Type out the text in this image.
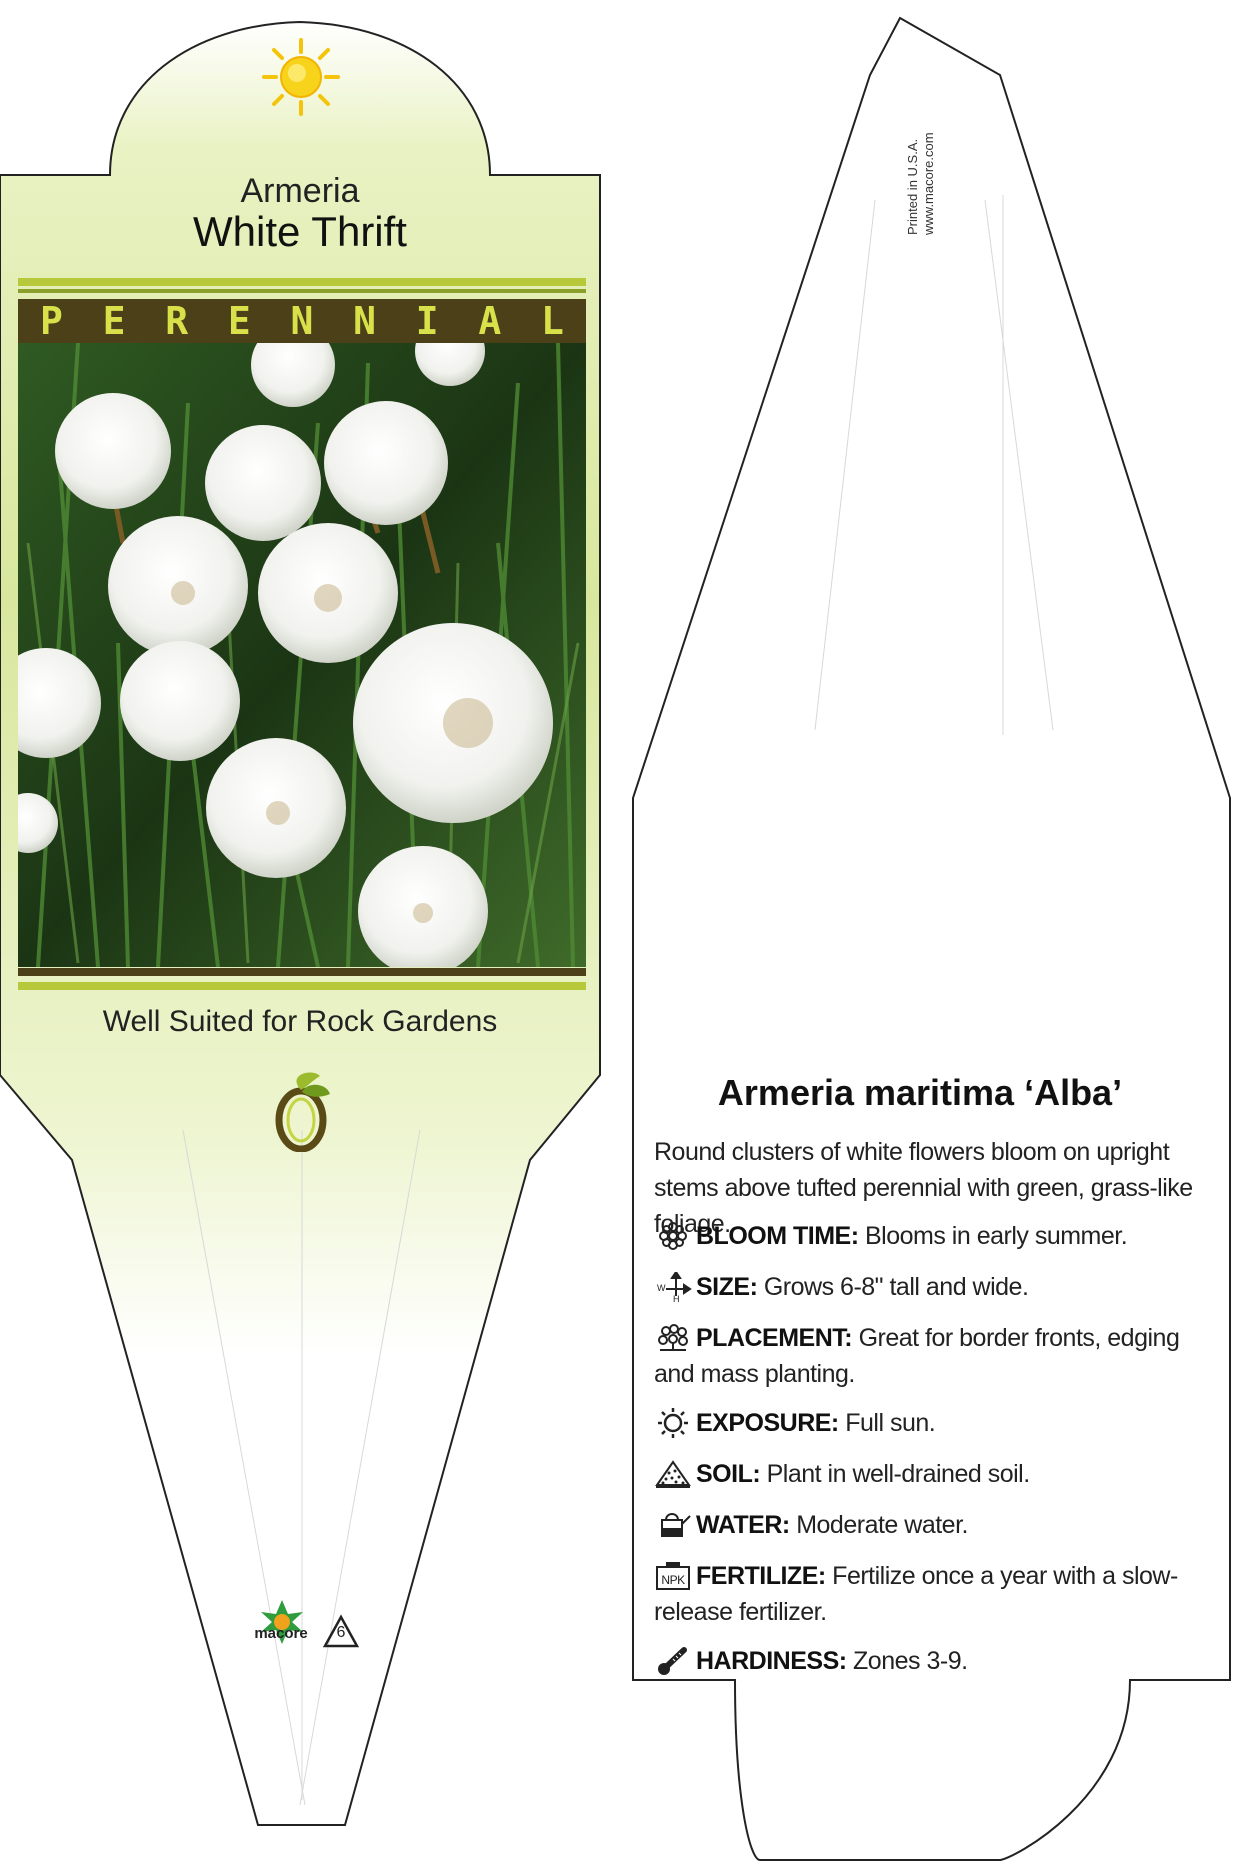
Armeria
White Thrift
P E R E N N I A L
Well Suited for Rock Gardens
macore	6
Printed in U.S.A. www.macore.com
Armeria maritima ‘Alba’
Round clusters of white flowers bloom on upright stems above tufted perennial with green, grass-like foliage.
BLOOM TIME: Blooms in early summer.
W
H SIZE: Grows 6-8" tall and wide.
PLACEMENT: Great for border fronts, edging and mass planting.
EXPOSURE: Full sun.
SOIL: Plant in well-drained soil.
WATER: Moderate water.
NPK FERTILIZE: Fertilize once a year with a slow-release fertilizer.
HARDINESS: Zones 3-9.
